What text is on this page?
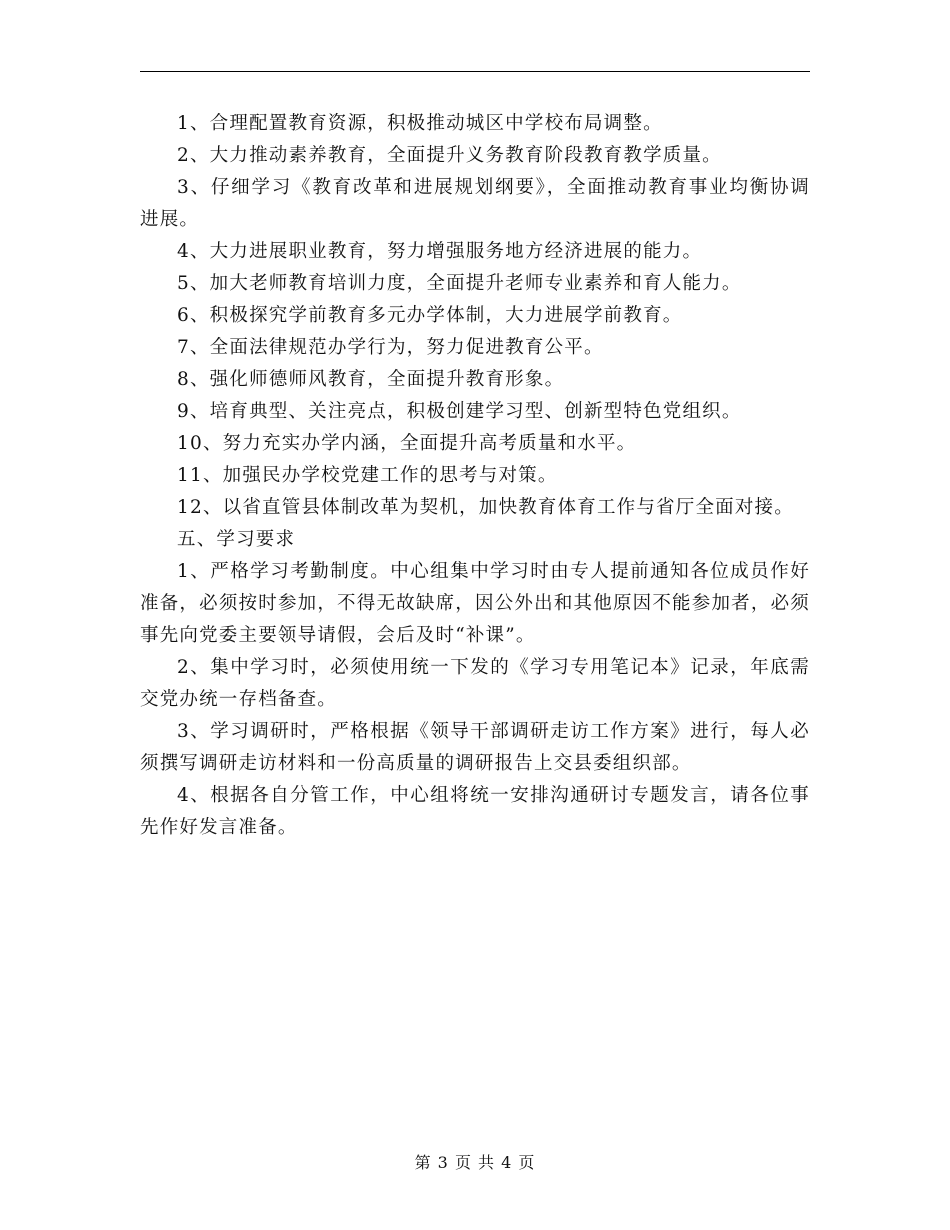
1、合理配置教育资源，积极推动城区中学校布局调整。

2、大力推动素养教育，全面提升义务教育阶段教育教学质量。

3、仔细学习《教育改革和进展规划纲要》，全面推动教育事业均衡协调进展。

4、大力进展职业教育，努力增强服务地方经济进展的能力。

5、加大老师教育培训力度，全面提升老师专业素养和育人能力。

6、积极探究学前教育多元办学体制，大力进展学前教育。

7、全面法律规范办学行为，努力促进教育公平。

8、强化师德师风教育，全面提升教育形象。

9、培育典型、关注亮点，积极创建学习型、创新型特色党组织。

10、努力充实办学内涵，全面提升高考质量和水平。

11、加强民办学校党建工作的思考与对策。

12、以省直管县体制改革为契机，加快教育体育工作与省厅全面对接。

五、学习要求

1、严格学习考勤制度。中心组集中学习时由专人提前通知各位成员作好准备，必须按时参加，不得无故缺席，因公外出和其他原因不能参加者，必须事先向党委主要领导请假，会后及时“补课”。

2、集中学习时，必须使用统一下发的《学习专用笔记本》记录，年底需交党办统一存档备查。

3、学习调研时，严格根据《领导干部调研走访工作方案》进行，每人必须撰写调研走访材料和一份高质量的调研报告上交县委组织部。

4、根据各自分管工作，中心组将统一安排沟通研讨专题发言，请各位事先作好发言准备。

第 3 页 共 4 页
